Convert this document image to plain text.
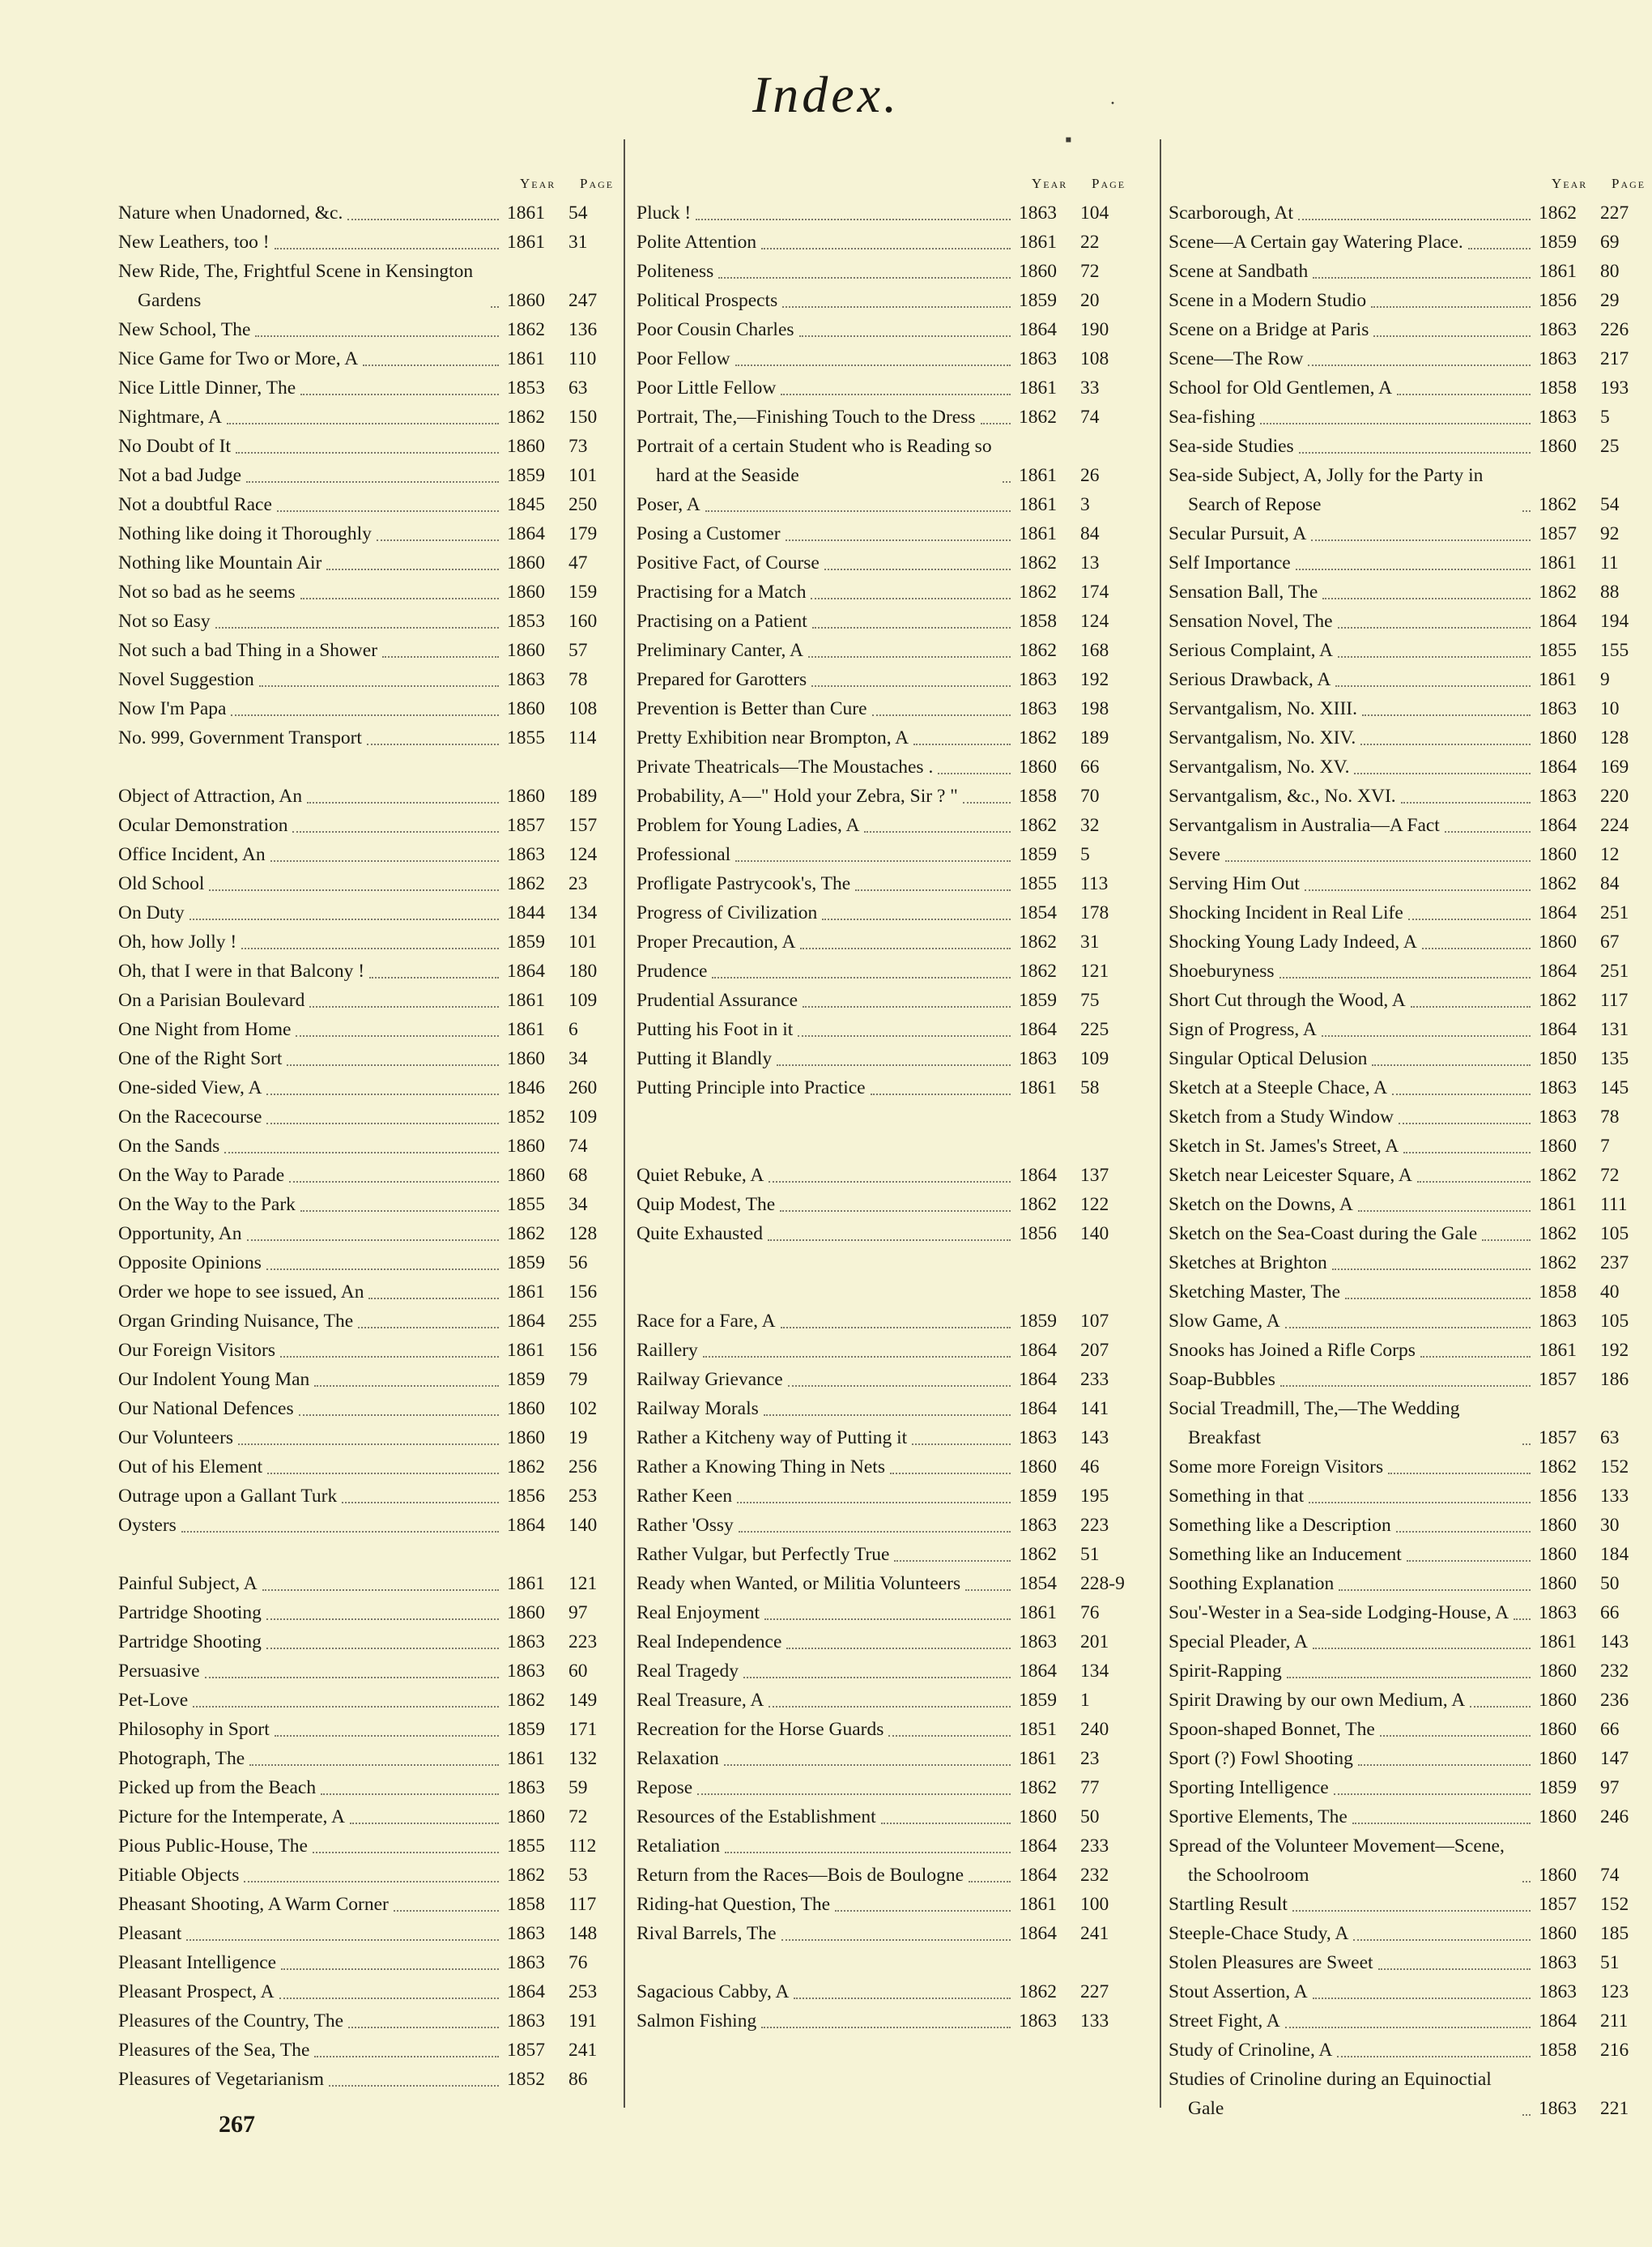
Index.	·
▪
Year	Page
Nature when Unadorned, &c.	1861	54
New Leathers, too !	1861	31
New Ride, The, Frightful Scene in Kensington Gardens	1860	247
New School, The	1862	136
Nice Game for Two or More, A	1861	110
Nice Little Dinner, The	1853	63
Nightmare, A	1862	150
No Doubt of It	1860	73
Not a bad Judge	1859	101
Not a doubtful Race	1845	250
Nothing like doing it Thoroughly	1864	179
Nothing like Mountain Air	1860	47
Not so bad as he seems	1860	159
Not so Easy	1853	160
Not such a bad Thing in a Shower	1860	57
Novel Suggestion	1863	78
Now I'm Papa	1860	108
No. 999, Government Transport	1855	114
Object of Attraction, An	1860	189
Ocular Demonstration	1857	157
Office Incident, An	1863	124
Old School	1862	23
On Duty	1844	134
Oh, how Jolly !	1859	101
Oh, that I were in that Balcony !	1864	180
On a Parisian Boulevard	1861	109
One Night from Home	1861	6
One of the Right Sort	1860	34
One-sided View, A	1846	260
On the Racecourse	1852	109
On the Sands	1860	74
On the Way to Parade	1860	68
On the Way to the Park	1855	34
Opportunity, An	1862	128
Opposite Opinions	1859	56
Order we hope to see issued, An	1861	156
Organ Grinding Nuisance, The	1864	255
Our Foreign Visitors	1861	156
Our Indolent Young Man	1859	79
Our National Defences	1860	102
Our Volunteers	1860	19
Out of his Element	1862	256
Outrage upon a Gallant Turk	1856	253
Oysters	1864	140
Painful Subject, A	1861	121
Partridge Shooting	1860	97
Partridge Shooting	1863	223
Persuasive	1863	60
Pet-Love	1862	149
Philosophy in Sport	1859	171
Photograph, The	1861	132
Picked up from the Beach	1863	59
Picture for the Intemperate, A	1860	72
Pious Public-House, The	1855	112
Pitiable Objects	1862	53
Pheasant Shooting, A Warm Corner	1858	117
Pleasant	1863	148
Pleasant Intelligence	1863	76
Pleasant Prospect, A	1864	253
Pleasures of the Country, The	1863	191
Pleasures of the Sea, The	1857	241
Pleasures of Vegetarianism	1852	86
Year	Page
Pluck !	1863	104
Polite Attention	1861	22
Politeness	1860	72
Political Prospects	1859	20
Poor Cousin Charles	1864	190
Poor Fellow	1863	108
Poor Little Fellow	1861	33
Portrait, The,—Finishing Touch to the Dress 1862	74
Portrait of a certain Student who is Reading so hard at the Seaside	1861	26
Poser, A	1861	3
Posing a Customer	1861	84
Positive Fact, of Course	1862	13
Practising for a Match	1862	174
Practising on a Patient	1858	124
Preliminary Canter, A	1862	168
Prepared for Garotters	1863	192
Prevention is Better than Cure	1863	198
Pretty Exhibition near Brompton, A	1862	189
Private Theatricals—The Moustaches .	1860	66
Probability, A—" Hold your Zebra, Sir ? "	1858	70
Problem for Young Ladies, A	1862	32
Professional	1859	5
Profligate Pastrycook's, The	1855	113
Progress of Civilization	1854	178
Proper Precaution, A	1862	31
Prudence	1862	121
Prudential Assurance	1859	75
Putting his Foot in it	1864	225
Putting it Blandly	1863	109
Putting Principle into Practice	1861	58
Quiet Rebuke, A	1864	137
Quip Modest, The	1862	122
Quite Exhausted	1856	140
Race for a Fare, A	1859	107
Raillery	1864	207
Railway Grievance	1864	233
Railway Morals	1864	141
Rather a Kitcheny way of Putting it	1863	143
Rather a Knowing Thing in Nets	1860	46
Rather Keen	1859	195
Rather 'Ossy	1863	223
Rather Vulgar, but Perfectly True	1862	51
Ready when Wanted, or Militia Volunteers	1854	228-9
Real Enjoyment	1861	76
Real Independence	1863	201
Real Tragedy	1864	134
Real Treasure, A	1859	1
Recreation for the Horse Guards	1851	240
Relaxation	1861	23
Repose	1862	77
Resources of the Establishment	1860	50
Retaliation	1864	233
Return from the Races—Bois de Boulogne	1864	232
Riding-hat Question, The	1861	100
Rival Barrels, The	1864	241
Sagacious Cabby, A	1862	227
Salmon Fishing	1863	133
Year	Page
Scarborough, At	1862	227
Scene—A Certain gay Watering Place.	1859	69
Scene at Sandbath	1861	80
Scene in a Modern Studio	1856	29
Scene on a Bridge at Paris	1863	226
Scene—The Row	1863	217
School for Old Gentlemen, A	1858	193
Sea-fishing	1863	5
Sea-side Studies	1860	25
Sea-side Subject, A, Jolly for the Party in Search of Repose	1862	54
Secular Pursuit, A	1857	92
Self Importance	1861	11
Sensation Ball, The	1862	88
Sensation Novel, The	1864	194
Serious Complaint, A	1855	155
Serious Drawback, A	1861	9
Servantgalism, No. XIII.	1863	10
Servantgalism, No. XIV.	1860	128
Servantgalism, No. XV.	1864	169
Servantgalism, &c., No. XVI.	1863	220
Servantgalism in Australia—A Fact	1864	224
Severe	1860	12
Serving Him Out	1862	84
Shocking Incident in Real Life	1864	251
Shocking Young Lady Indeed, A	1860	67
Shoeburyness	1864	251
Short Cut through the Wood, A	1862	117
Sign of Progress, A	1864	131
Singular Optical Delusion	1850	135
Sketch at a Steeple Chace, A	1863	145
Sketch from a Study Window	1863	78
Sketch in St. James's Street, A	1860	7
Sketch near Leicester Square, A	1862	72
Sketch on the Downs, A	1861	111
Sketch on the Sea-Coast during the Gale	1862	105
Sketches at Brighton	1862	237
Sketching Master, The	1858	40
Slow Game, A	1863	105
Snooks has Joined a Rifle Corps	1861	192
Soap-Bubbles	1857	186
Social Treadmill, The,—The Wedding Breakfast	1857	63
Some more Foreign Visitors	1862	152
Something in that	1856	133
Something like a Description	1860	30
Something like an Inducement	1860	184
Soothing Explanation	1860	50
Sou'-Wester in a Sea-side Lodging-House, A 1863	66
Special Pleader, A	1861	143
Spirit-Rapping	1860	232
Spirit Drawing by our own Medium, A	1860	236
Spoon-shaped Bonnet, The	1860	66
Sport (?) Fowl Shooting	1860	147
Sporting Intelligence	1859	97
Sportive Elements, The	1860	246
Spread of the Volunteer Movement—Scene, the Schoolroom	1860	74
Startling Result	1857	152
Steeple-Chace Study, A	1860	185
Stolen Pleasures are Sweet	1863	51
Stout Assertion, A	1863	123
Street Fight, A	1864	211
Study of Crinoline, A	1858	216
Studies of Crinoline during an Equinoctial Gale	1863	221
267
